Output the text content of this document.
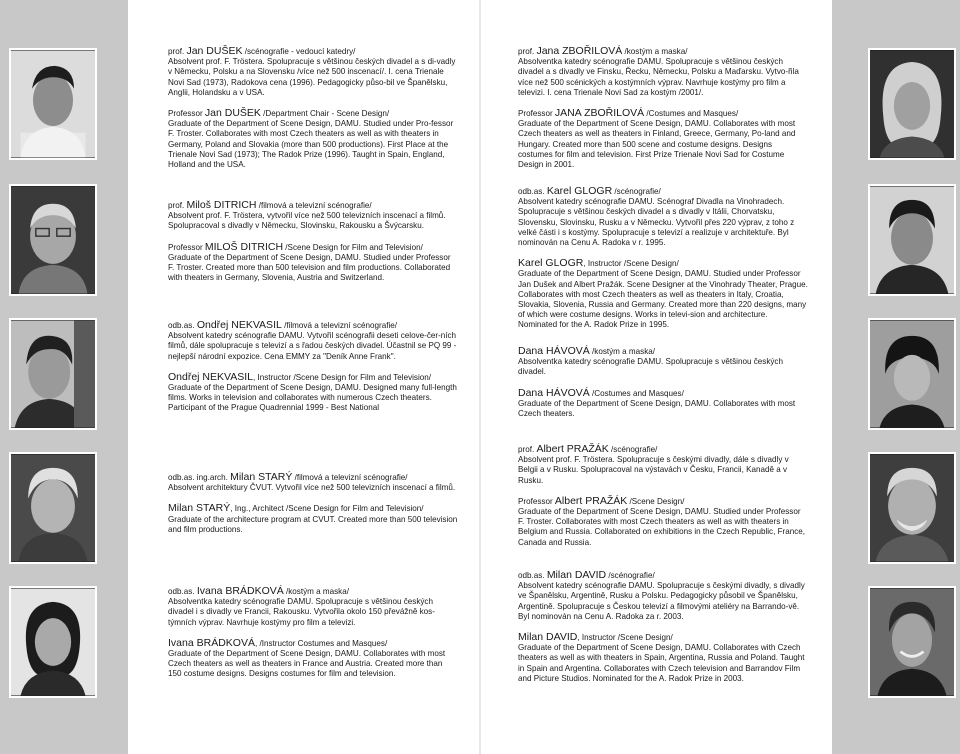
prof. Jan DUŠEK /scénografie - vedoucí katedry/

Absolvent prof. F. Tröstera. Spolupracuje s většinou českých divadel a s di-vadly v Německu, Polsku a na Slovensku /více než 500 inscenací/. I. cena Trienale Novi Sad (1973), Radokova cena (1996). Pedagogicky půso-bil ve Španělsku, Anglii, Holandsku a v USA.

Professor Jan DUŠEK /Department Chair - Scene Design/

Graduate of the Department of Scene Design, DAMU. Studied under Pro-fessor F. Troster. Collaborates with most Czech theaters as well as with theaters in Germany, Poland and Slovakia (more than 500 productions). First Place at the Trienale Novi Sad (1973); The Radok Prize (1996). Taught in Spain, England, Holland and the USA.

prof. Miloš DITRICH /filmová a televizní scénografie/

Absolvent prof. F. Tröstera, vytvořil více než 500 televizních inscenací a filmů. Spolupracoval s divadly v Německu, Slovinsku, Rakousku a Švýcarsku.

Professor MILOŠ DITRICH /Scene Design for Film and Television/

Graduate of the Department of Scene Design, DAMU. Studied under Professor F. Troster. Created more than 500 television and film productions. Collaborated with theaters in Germany, Slovenia, Austria and Switzerland.

odb.as. Ondřej NEKVASIL /filmová a televizní scénografie/

Absolvent katedry scénografie DAMU. Vytvořil scénografii deseti celove-čer-ních filmů, dále spolupracuje s televizí a s řadou českých divadel. Účastnil se PQ 99 - nejlepší národní expozice. Cena EMMY za "Deník Anne Frank".

Ondřej NEKVASIL, Instructor /Scene Design for Film and Television/

Graduate of the Department of Scene Design, DAMU. Designed many full-length films. Works in television and collaborates with numerous Czech theaters. Participant of the Prague Quadrennial 1999 - Best National

odb.as. ing.arch. Milan STARÝ /filmová a televizní scénografie/

Absolvent architektury ČVUT. Vytvořil více než 500 televizních inscenací a filmů.

Milan STARÝ, Ing., Architect /Scene Design for Film and Television/

Graduate of the architecture program at CVUT. Created more than 500 television and film productions.

odb.as. Ivana BRÁDKOVÁ /kostým a maska/

Absolventka katedry scénografie DAMU. Spolupracuje s většinou českých divadel i s divadly ve Francii, Rakousku. Vytvořila okolo 150 převážně kos-týmních výprav. Navrhuje kostýmy pro film a televizi.

Ivana BRÁDKOVÁ, /Instructor Costumes and Masques/

Graduate of the Department of Scene Design, DAMU. Collaborates with most Czech theaters as well as theaters in France and Austria. Created more than 150 costume designs. Designs costumes for film and television.

prof. Jana ZBOŘILOVÁ /kostým a maska/

Absolventka katedry scénografie DAMU. Spolupracuje s většinou českých divadel a s divadly ve Finsku, Řecku, Německu, Polsku a Maďarsku. Vytvo-řila více než 500 scénických a kostýmních výprav. Navrhuje kostýmy pro film a televizi. I. cena Trienale Novi Sad za kostým /2001/.

Professor JANA ZBOŘILOVÁ /Costumes and Masques/

Graduate of the Department of Scene Design, DAMU. Collaborates with most Czech theaters as well as theaters in Finland, Greece, Germany, Po-land and Hungary. Created more than 500 scene and costume designs. Designs costumes for film and television. First Prize Trienale Novi Sad for Costume Design in 2001.

odb.as. Karel GLOGR /scénografie/

Absolvent katedry scénografie DAMU. Scénograf Divadla na Vinohradech. Spolupracuje s většinou českých divadel a s divadly v Itálii, Chorvatsku, Slovensku, Slovinsku, Rusku a v Německu. Vytvořil přes 220 výprav, z toho z velké části i s kostýmy. Spolupracuje s televizí a realizuje v architektuře. Byl nominován na Cenu A. Radoka v r. 1995.

Karel GLOGR, Instructor /Scene Design/

Graduate of the Department of Scene Design, DAMU. Studied under Professor Jan Dušek and Albert Pražák. Scene Designer at the Vinohrady Theater, Prague. Collaborates with most Czech theaters as well as theaters in Italy, Croatia, Slovakia, Slovenia, Russia and Germany. Created more than 220 designs, many of which were costume designs. Works in televi-sion and architecture. Nominated for the A. Radok Prize in 1995.

Dana HÁVOVÁ /kostým a maska/

Absolventka katedry scénografie DAMU. Spolupracuje s většinou českých divadel.

Dana HÁVOVÁ /Costumes and Masques/

Graduate of the Department of Scene Design, DAMU. Collaborates with most Czech theaters.

prof. Albert PRAŽÁK /scénografie/

Absolvent prof. F. Tröstera. Spolupracuje s českými divadly, dále s divadly v Belgii a v Rusku. Spolupracoval na výstavách v Česku, Francii, Kanadě a v Rusku.

Professor Albert PRAŽÁK /Scene Design/

Graduate of the Department of Scene Design, DAMU. Studied under Professor F. Troster. Collaborates with most Czech theaters as well as with theaters in Belgium and Russia. Collaborated on exhibitions in the Czech Republic, France, Canada and Russia.

odb.as. Milan DAVID /scénografie/

Absolvent katedry scénografie DAMU. Spolupracuje s českými divadly, s divadly ve Španělsku, Argentině, Rusku a Polsku. Pedagogicky působil ve Španělsku, Argentině. Spolupracuje s Českou televizí a filmovými ateliéry na Barrando-vě. Byl nominován na Cenu A. Radoka za r. 2003.

Milan DAVID, Instructor /Scene Design/

Graduate of the Department of Scene Design, DAMU. Collaborates with Czech theaters as well as with theaters in Spain, Argentina, Russia and Poland. Taught in Spain and Argentina. Collaborates with Czech television and Barrandov Film and Picture Studios. Nominated for the A. Radok Prize in 2003.
